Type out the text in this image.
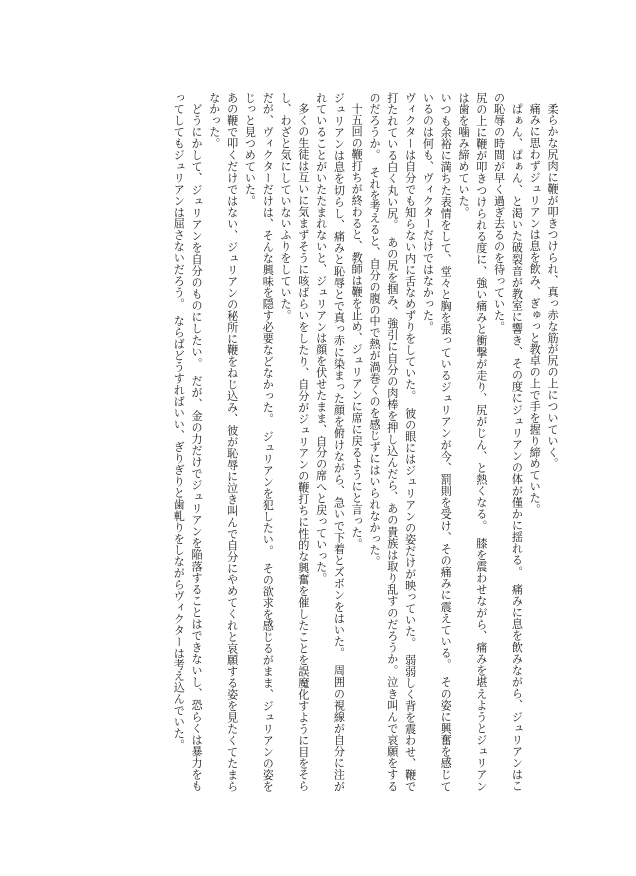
柔らかな尻肉に鞭が叩きつけられ、真っ赤な筋が尻の上についていく。

痛みに思わずジュリアンは息を飲み、ぎゅっと教卓の上で手を握り締めていた。

ぱぁん、ぱぁん、と渇いた破裂音が教室に響き、その度にジュリアンの体が僅かに揺れる。　痛みに息を飲みながら、ジュリアンはこの恥辱の時間が早く過ぎ去るのを待っていた。

尻の上に鞭が叩きつけられる度に、強い痛みと衝撃が走り、尻がじん、と熱くなる。　膝を震わせながら、痛みを堪えようとジュリアンは歯を噛み締めていた。

いつも余裕に満ちた表情をして、堂々と胸を張っているジュリアンが今、罰則を受け、その痛みに震えている。　その姿に興奮を感じているのは何も、ヴィクターだけではなかった。

ヴィクターは自分でも知らない内に舌なめずりをしていた。　彼の眼にはジュリアンの姿だけが映っていた。　弱弱しく背を震わせ、鞭で打たれている白く丸い尻。　あの尻を掴み、強引に自分の肉棒を押し込んだら、あの貴族は取り乱すのだろうか。泣き叫んで哀願をするのだろうか。　それを考えると、自分の腹の中で熱が渦巻くのを感じずにはいられなかった。

十五回の鞭打ちが終わると、教師は鞭を止め、ジュリアンに席に戻るようにと言った。

ジュリアンは息を切らし、痛みと恥辱とで真っ赤に染まった顔を俯けながら、急いで下着とズボンをはいた。　周囲の視線が自分に注がれていることがいたたまれないと、ジュリアンは顔を伏せたまま、自分の席へと戻っていった。

多くの生徒は互いに気まずそうに咳ばらいをしたり、自分がジュリアンの鞭打ちに性的な興奮を催したことを誤魔化すように目をそらし、わざと気にしていないふりをしていた。

だが、ヴィクターだけは、そんな興味を隠す必要などなかった。　ジュリアンを犯したい。　その欲求を感じるがまま、ジュリアンの姿をじっと見つめていた。

あの鞭で叩くだけではない、ジュリアンの秘所に鞭をねじ込み、彼が恥辱に泣き叫んで自分にやめてくれと哀願する姿を見たくてたまらなかった。

どうにかして、ジュリアンを自分のものにしたい。　だが、金の力だけでジュリアンを陥落することはできないし、恐らくは暴力をもってしてもジュリアンは屈さないだろう。　ならばどうすればいい、ぎりぎりと歯軋りをしながらヴィクターは考え込んでいた。
